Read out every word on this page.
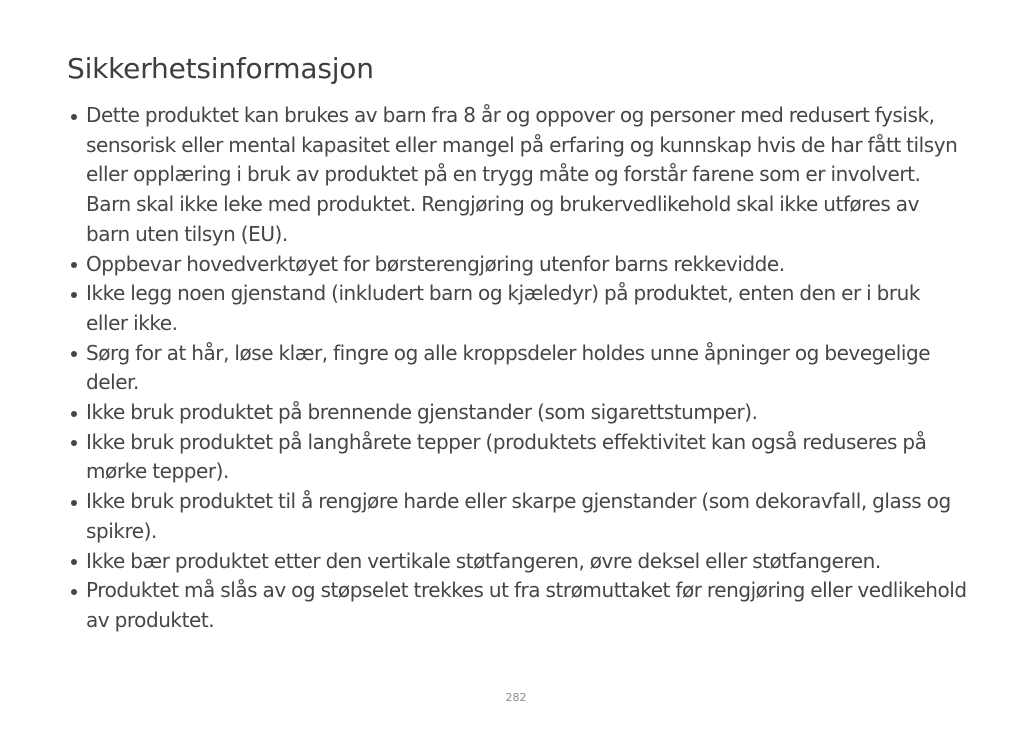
Sikkerhetsinformasjon
Dette produktet kan brukes av barn fra 8 år og oppover og personer med redusert fysisk, sensorisk eller mental kapasitet eller mangel på erfaring og kunnskap hvis de har fått tilsyn eller opplæring i bruk av produktet på en trygg måte og forstår farene som er involvert. Barn skal ikke leke med produktet. Rengjøring og brukervedlikehold skal ikke utføres av barn uten tilsyn (EU).
Oppbevar hovedverktøyet for børsterengjøring utenfor barns rekkevidde.
Ikke legg noen gjenstand (inkludert barn og kjæledyr) på produktet, enten den er i bruk eller ikke.
Sørg for at hår, løse klær, fingre og alle kroppsdeler holdes unne åpninger og bevegelige deler.
Ikke bruk produktet på brennende gjenstander (som sigarettstumper).
Ikke bruk produktet på langhårete tepper (produktets effektivitet kan også reduseres på mørke tepper).
Ikke bruk produktet til å rengjøre harde eller skarpe gjenstander (som dekoravfall, glass og spikre).
Ikke bær produktet etter den vertikale støtfangeren, øvre deksel eller støtfangeren.
Produktet må slås av og støpselet trekkes ut fra strømuttaket før rengjøring eller vedlikehold av produktet.
282
